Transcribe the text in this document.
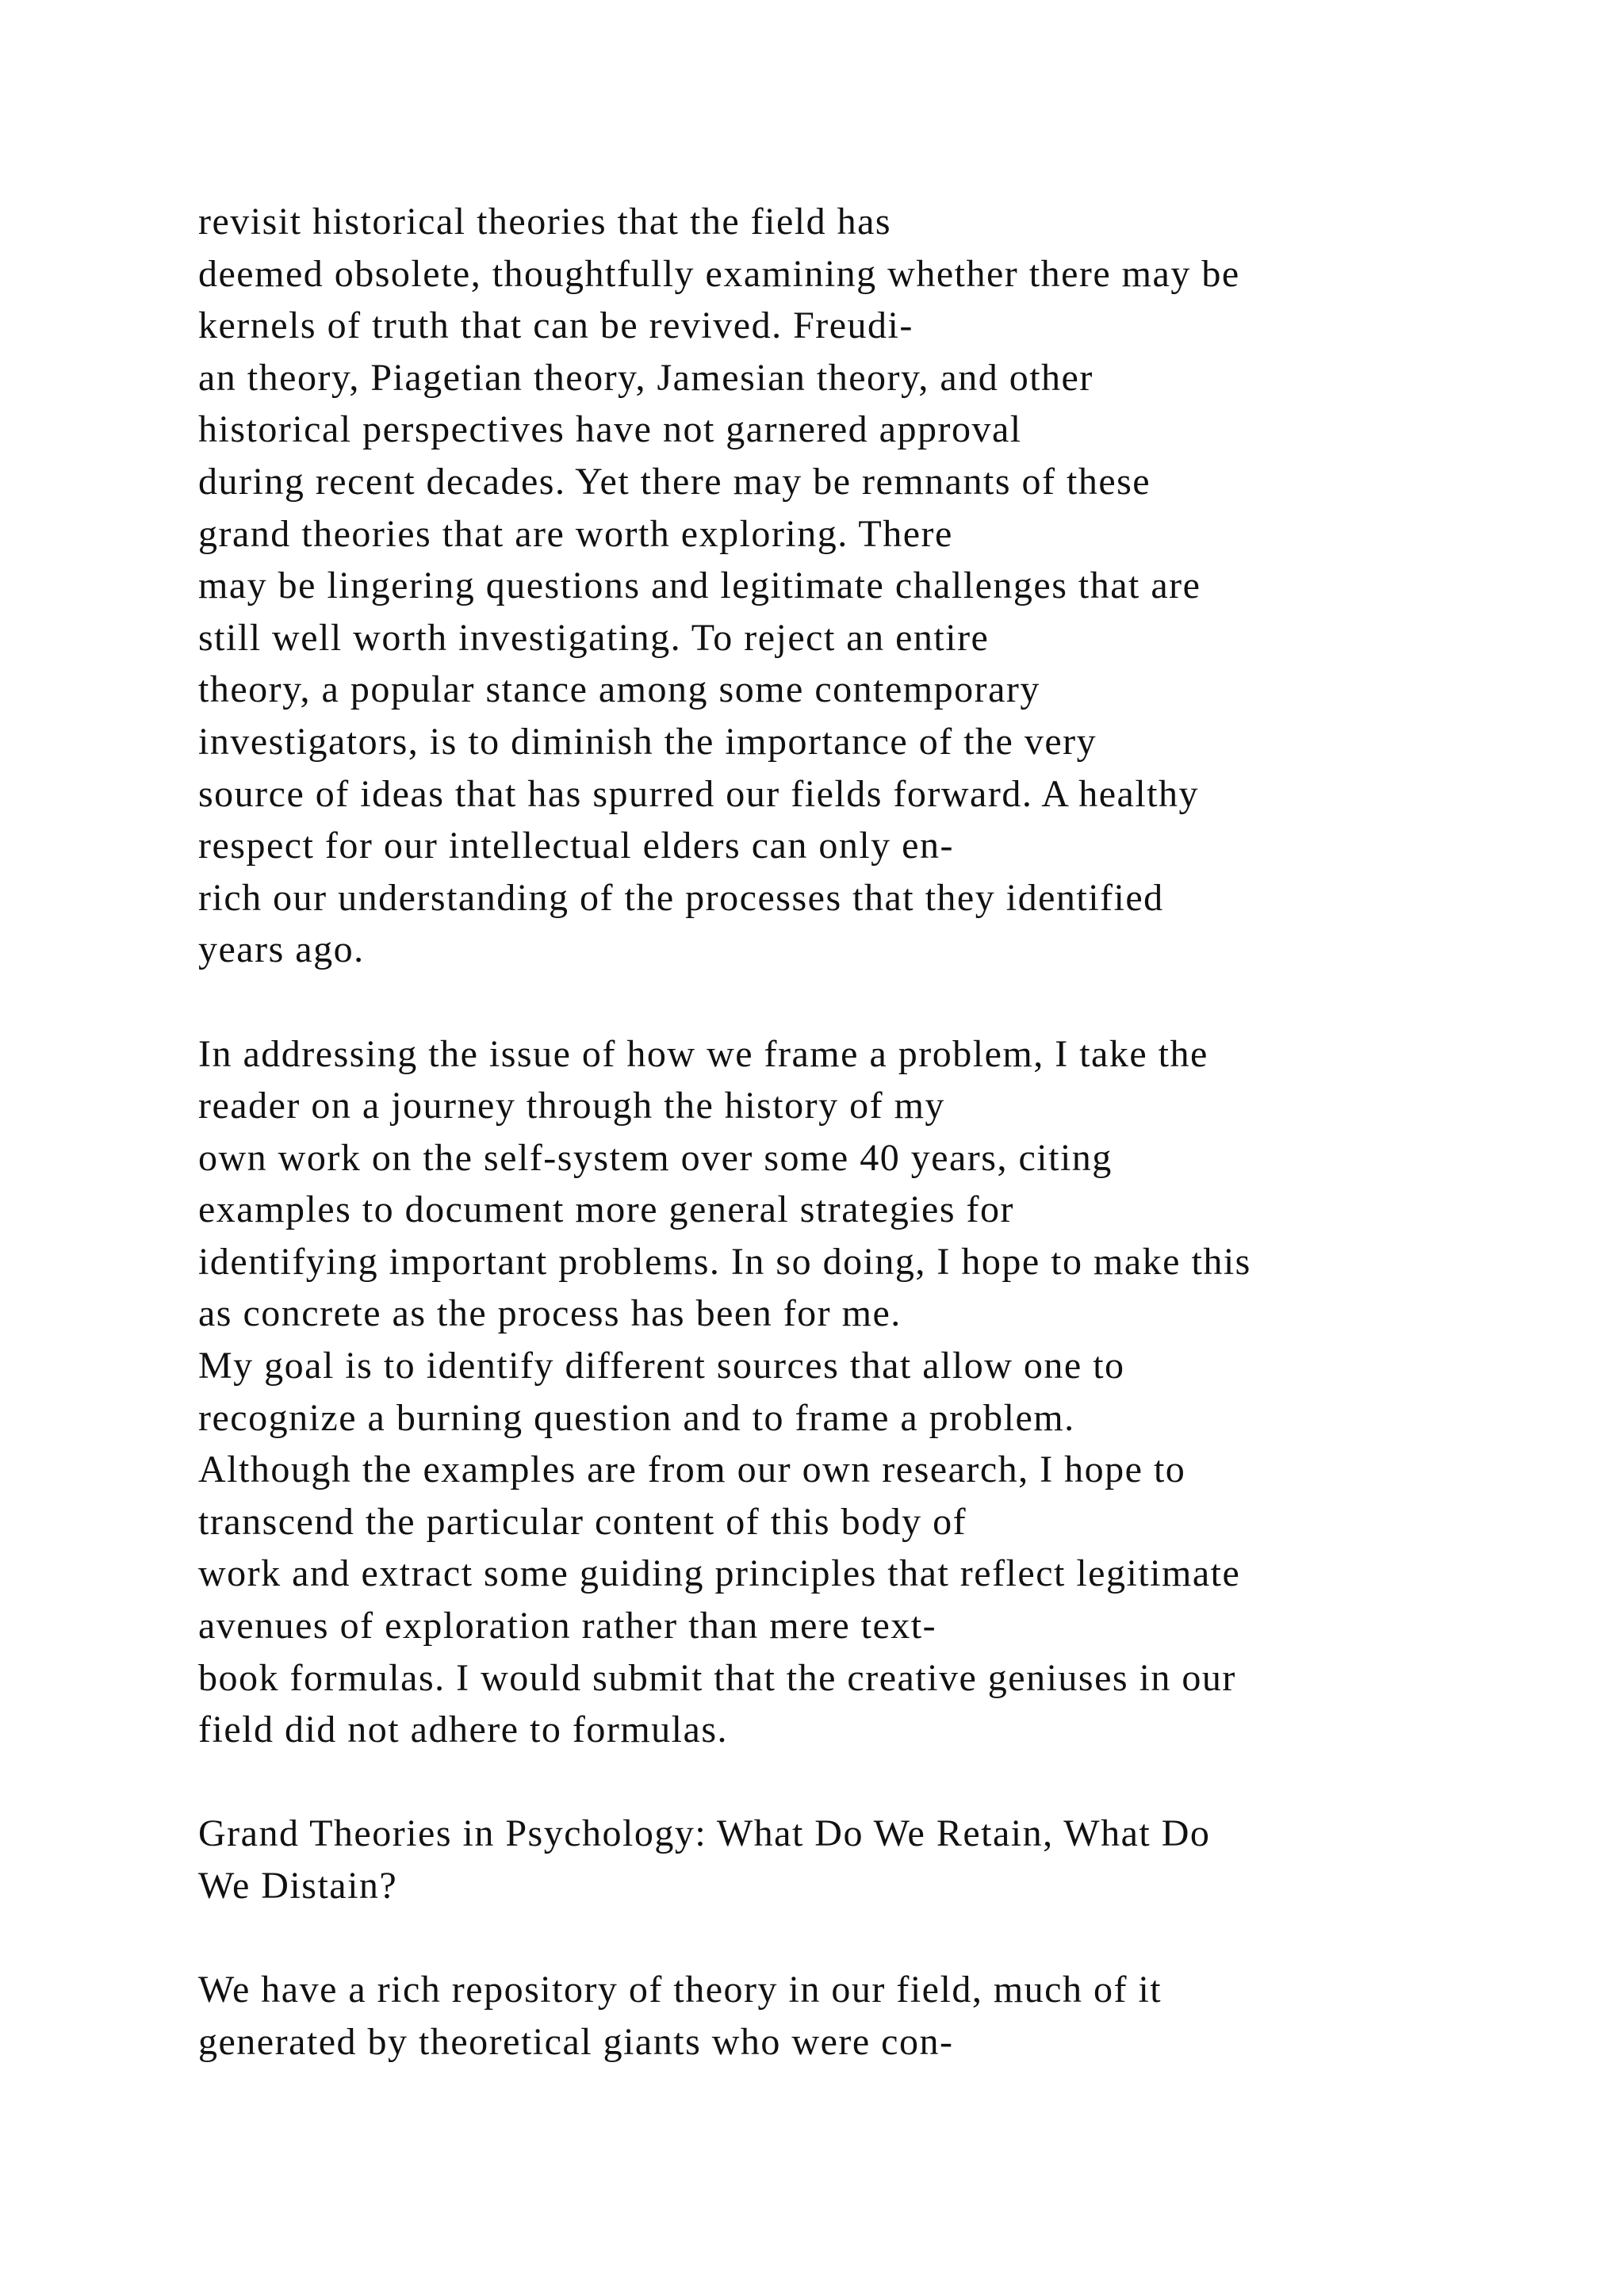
revisit historical theories that the field has
deemed obsolete, thoughtfully examining whether there may be
kernels of truth that can be revived. Freudi-
an theory, Piagetian theory, Jamesian theory, and other
historical perspectives have not garnered approval
during recent decades. Yet there may be remnants of these
grand theories that are worth exploring. There
may be lingering questions and legitimate challenges that are
still well worth investigating. To reject an entire
theory, a popular stance among some contemporary
investigators, is to diminish the importance of the very
source of ideas that has spurred our fields forward. A healthy
respect for our intellectual elders can only en-
rich our understanding of the processes that they identified
years ago.

In addressing the issue of how we frame a problem, I take the
reader on a journey through the history of my
own work on the self-system over some 40 years, citing
examples to document more general strategies for
identifying important problems. In so doing, I hope to make this
as concrete as the process has been for me.
My goal is to identify different sources that allow one to
recognize a burning question and to frame a problem.
Although the examples are from our own research, I hope to
transcend the particular content of this body of
work and extract some guiding principles that reflect legitimate
avenues of exploration rather than mere text-
book formulas. I would submit that the creative geniuses in our
field did not adhere to formulas.

Grand Theories in Psychology: What Do We Retain, What Do
We Distain?

We have a rich repository of theory in our field, much of it
generated by theoretical giants who were con-
